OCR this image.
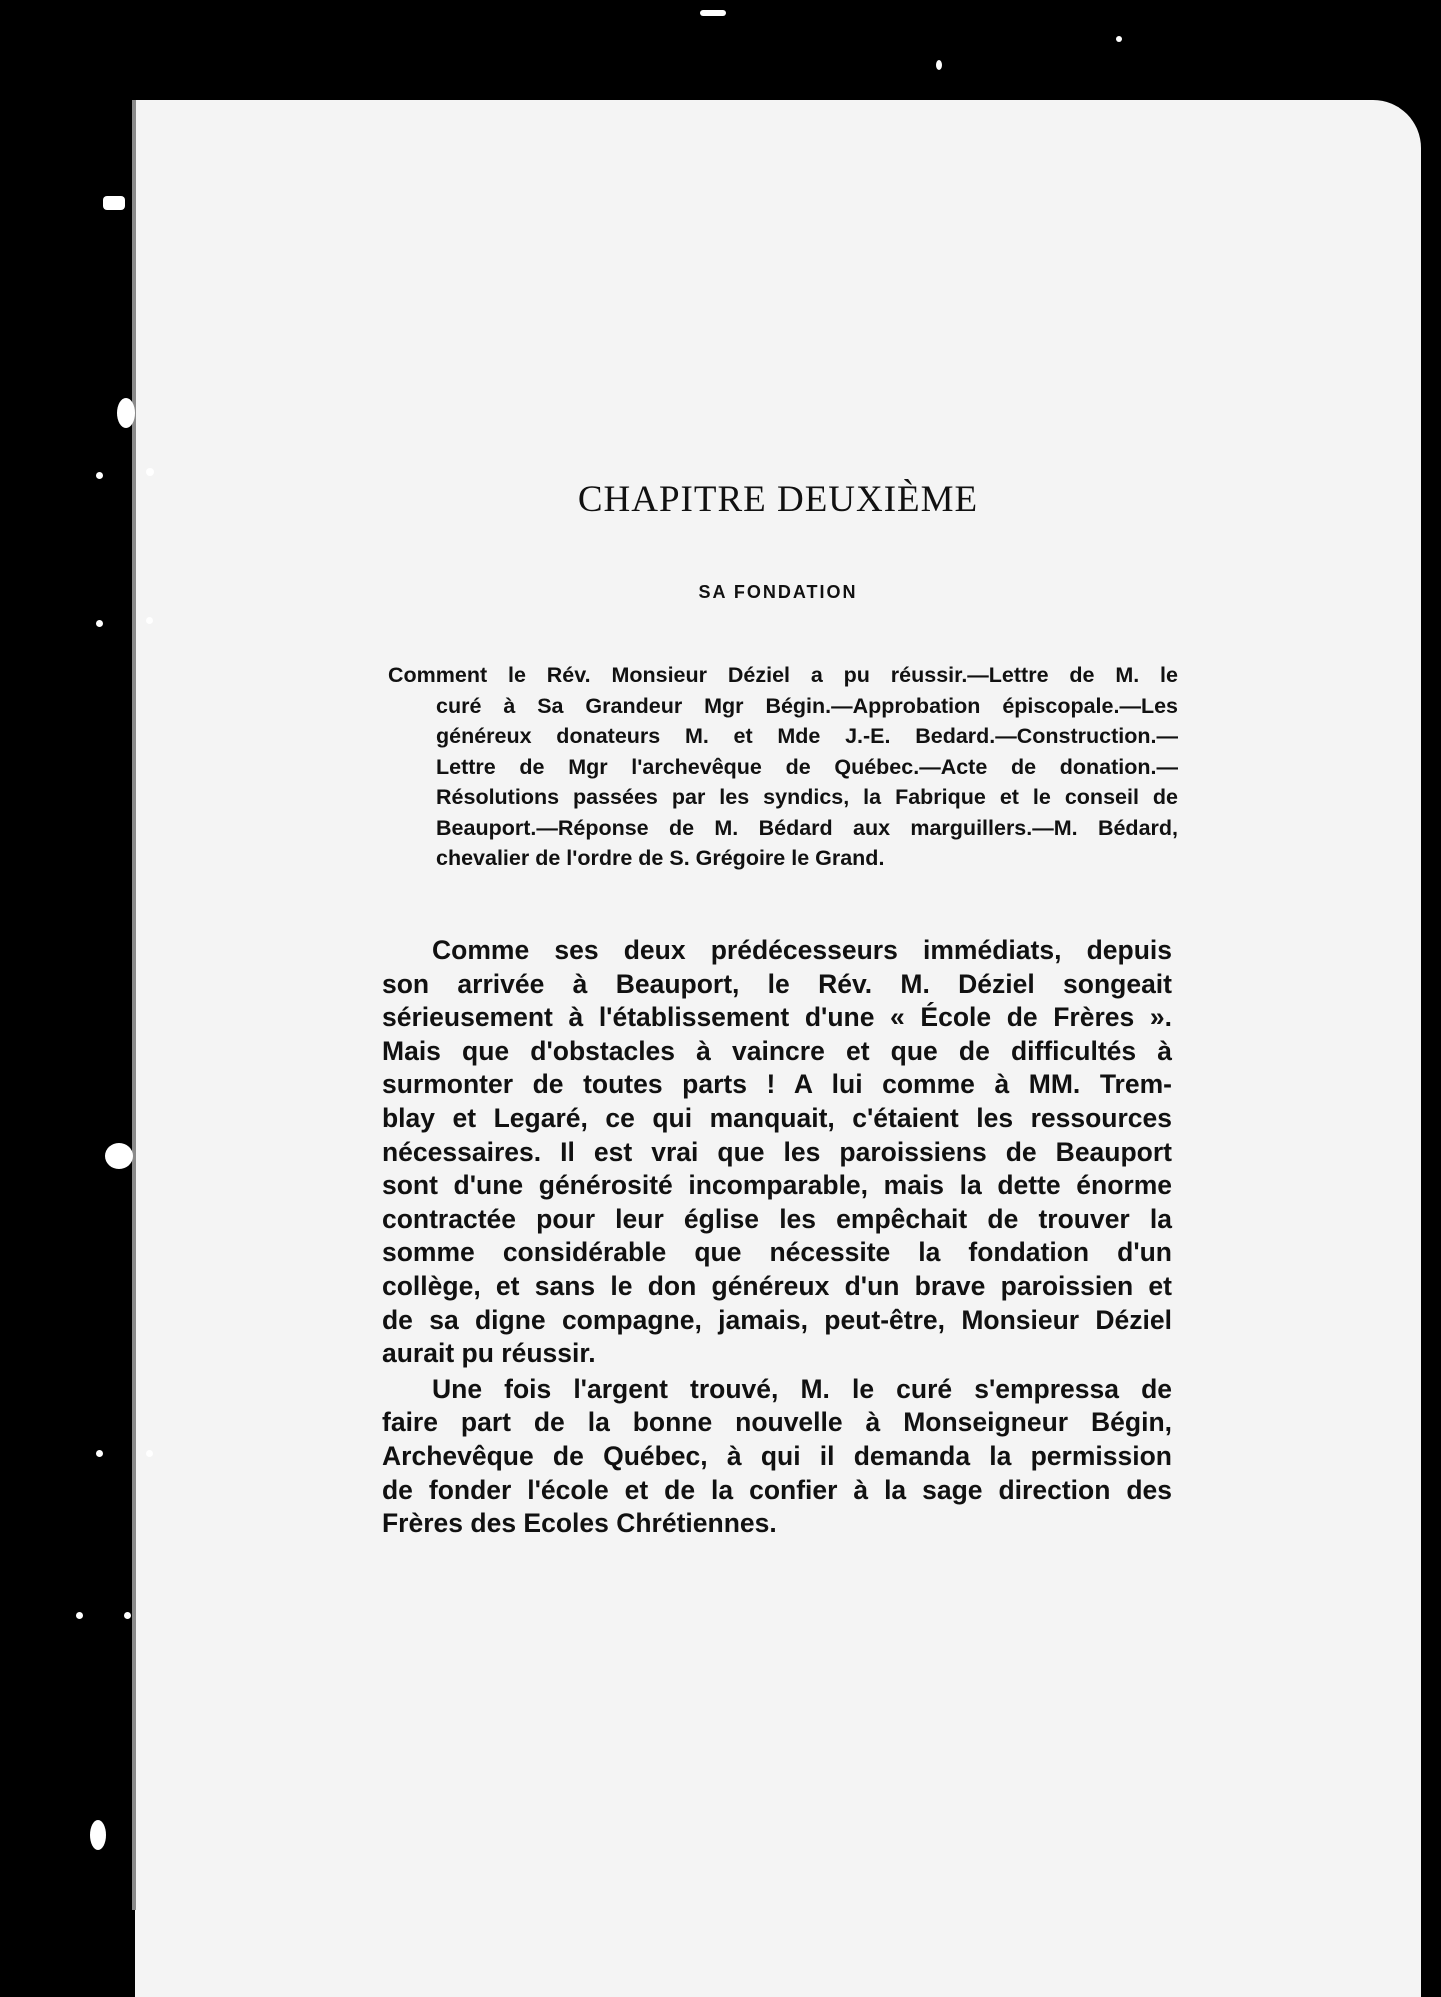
CHAPITRE DEUXIÈME
SA FONDATION
Comment le Rév. Monsieur Déziel a pu réussir.—Lettre de M. le
curé à Sa Grandeur Mgr Bégin.—Approbation épiscopale.—Les
généreux donateurs M. et Mde J.-E. Bedard.—Construction.—
Lettre de Mgr l'archevêque de Québec.—Acte de donation.—
Résolutions passées par les syndics, la Fabrique et le conseil de
Beauport.—Réponse de M. Bédard aux marguillers.—M. Bédard,
chevalier de l'ordre de S. Grégoire le Grand.
Comme ses deux prédécesseurs immédiats, depuis
son arrivée à Beauport, le Rév. M. Déziel songeait
sérieusement à l'établissement d'une « École de Frères ».
Mais que d'obstacles à vaincre et que de difficultés à
surmonter de toutes parts ! A lui comme à MM. Trem-
blay et Legaré, ce qui manquait, c'étaient les ressources
nécessaires. Il est vrai que les paroissiens de Beauport
sont d'une générosité incomparable, mais la dette énorme
contractée pour leur église les empêchait de trouver la
somme considérable que nécessite la fondation d'un
collège, et sans le don généreux d'un brave paroissien et
de sa digne compagne, jamais, peut-être, Monsieur Déziel
aurait pu réussir.
Une fois l'argent trouvé, M. le curé s'empressa de
faire part de la bonne nouvelle à Monseigneur Bégin,
Archevêque de Québec, à qui il demanda la permission
de fonder l'école et de la confier à la sage direction des
Frères des Ecoles Chrétiennes.
